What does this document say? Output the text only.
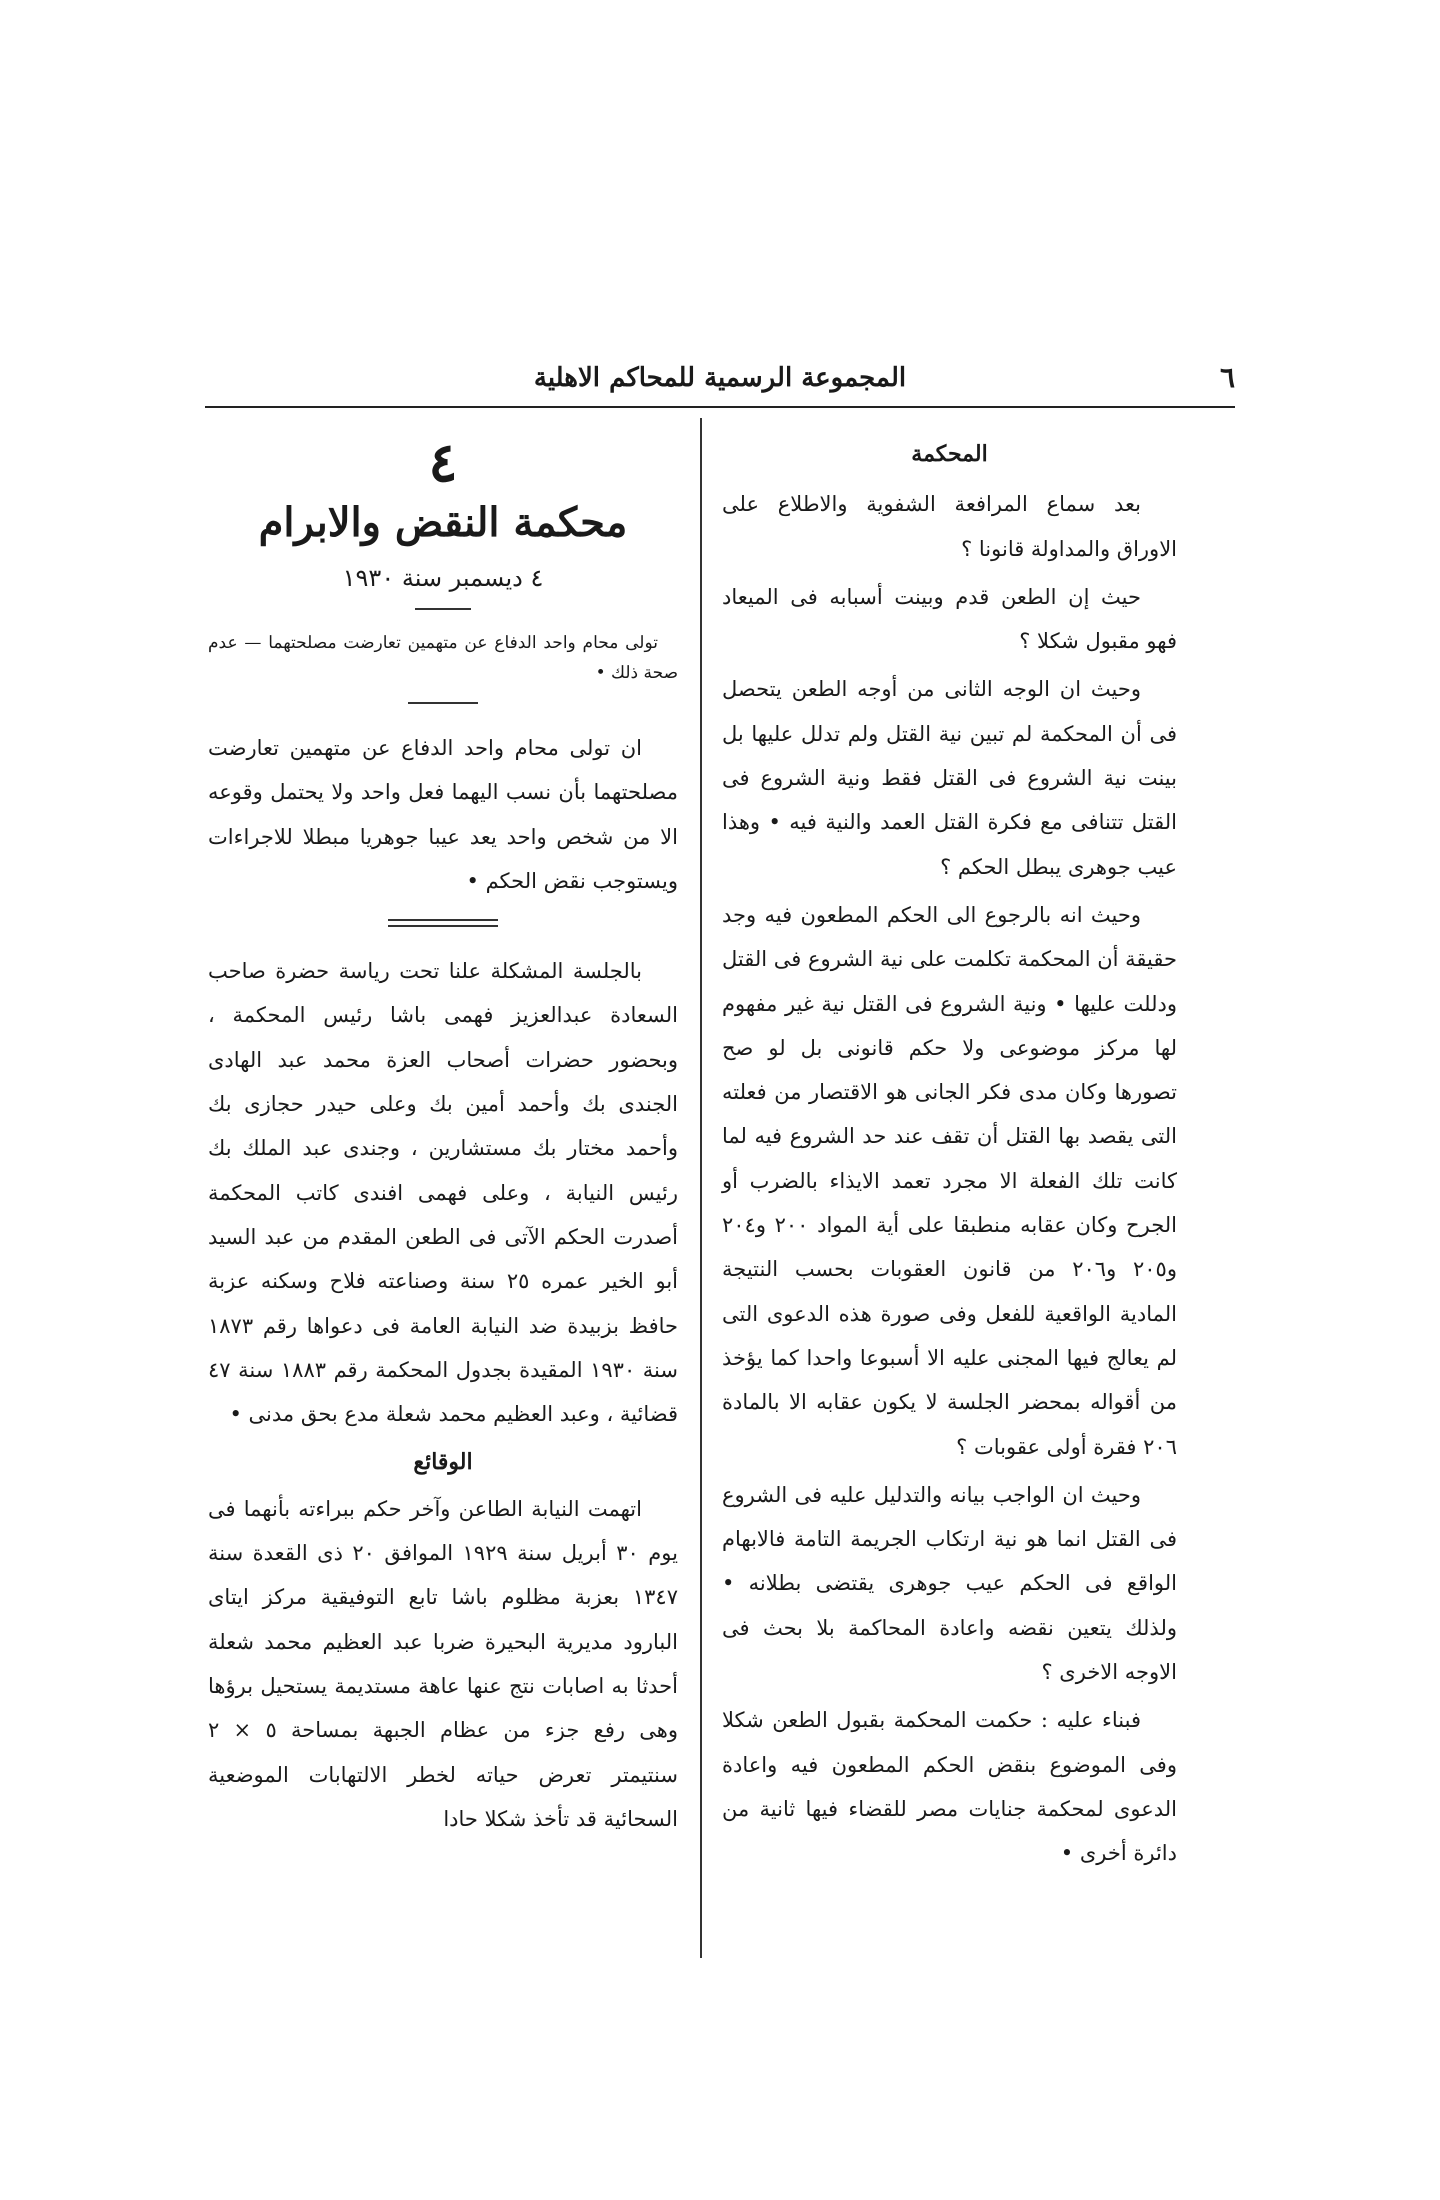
٦
المجموعة الرسمية للمحاكم الاهلية

المحكمة

بعد سماع المرافعة الشفوية والاطلاع على الاوراق والمداولة قانونا ؟

حيث إن الطعن قدم وبينت أسبابه فى الميعاد فهو مقبول شكلا ؟

وحيث ان الوجه الثانى من أوجه الطعن يتحصل فى أن المحكمة لم تبين نية القتل ولم تدلل عليها بل بينت نية الشروع فى القتل فقط ونية الشروع فى القتل تتنافى مع فكرة القتل العمد والنية فيه • وهذا عيب جوهرى يبطل الحكم ؟

وحيث انه بالرجوع الى الحكم المطعون فيه وجد حقيقة أن المحكمة تكلمت على نية الشروع فى القتل ودللت عليها • ونية الشروع فى القتل نية غير مفهوم لها مركز موضوعى ولا حكم قانونى بل لو صح تصورها وكان مدى فكر الجانى هو الاقتصار من فعلته التى يقصد بها القتل أن تقف عند حد الشروع فيه لما كانت تلك الفعلة الا مجرد تعمد الايذاء بالضرب أو الجرح وكان عقابه منطبقا على أية المواد ٢٠٠ و٢٠٤ و٢٠٥ و٢٠٦ من قانون العقوبات بحسب النتيجة المادية الواقعية للفعل وفى صورة هذه الدعوى التى لم يعالج فيها المجنى عليه الا أسبوعا واحدا كما يؤخذ من أقواله بمحضر الجلسة لا يكون عقابه الا بالمادة ٢٠٦ فقرة أولى عقوبات ؟

وحيث ان الواجب بيانه والتدليل عليه فى الشروع فى القتل انما هو نية ارتكاب الجريمة التامة فالابهام الواقع فى الحكم عيب جوهرى يقتضى بطلانه • ولذلك يتعين نقضه واعادة المحاكمة بلا بحث فى الاوجه الاخرى ؟

فبناء عليه : حكمت المحكمة بقبول الطعن شكلا وفى الموضوع بنقض الحكم المطعون فيه واعادة الدعوى لمحكمة جنايات مصر للقضاء فيها ثانية من دائرة أخرى •

٤

محكمة النقض والابرام

٤ ديسمبر سنة ١٩٣٠

تولى محام واحد الدفاع عن متهمين تعارضت مصلحتهما — عدم صحة ذلك •

ان تولى محام واحد الدفاع عن متهمين تعارضت مصلحتهما بأن نسب اليهما فعل واحد ولا يحتمل وقوعه الا من شخص واحد يعد عيبا جوهريا مبطلا للاجراءات ويستوجب نقض الحكم •

بالجلسة المشكلة علنا تحت رياسة حضرة صاحب السعادة عبدالعزيز فهمى باشا رئيس المحكمة ، وبحضور حضرات أصحاب العزة محمد عبد الهادى الجندى بك وأحمد أمين بك وعلى حيدر حجازى بك وأحمد مختار بك مستشارين ، وجندى عبد الملك بك رئيس النيابة ، وعلى فهمى افندى كاتب المحكمة أصدرت الحكم الآتى فى الطعن المقدم من عبد السيد أبو الخير عمره ٢٥ سنة وصناعته فلاح وسكنه عزبة حافظ بزبيدة ضد النيابة العامة فى دعواها رقم ١٨٧٣ سنة ١٩٣٠ المقيدة بجدول المحكمة رقم ١٨٨٣ سنة ٤٧ قضائية ، وعبد العظيم محمد شعلة مدع بحق مدنى •

الوقائع

اتهمت النيابة الطاعن وآخر حكم ببراءته بأنهما فى يوم ٣٠ أبريل سنة ١٩٢٩ الموافق ٢٠ ذى القعدة سنة ١٣٤٧ بعزبة مظلوم باشا تابع التوفيقية مركز ايتاى البارود مديرية البحيرة ضربا عبد العظيم محمد شعلة أحدثا به اصابات نتج عنها عاهة مستديمة يستحيل برؤها وهى رفع جزء من عظام الجبهة بمساحة ٥ × ٢ سنتيمتر تعرض حياته لخطر الالتهابات الموضعية السحائية قد تأخذ شكلا حادا
